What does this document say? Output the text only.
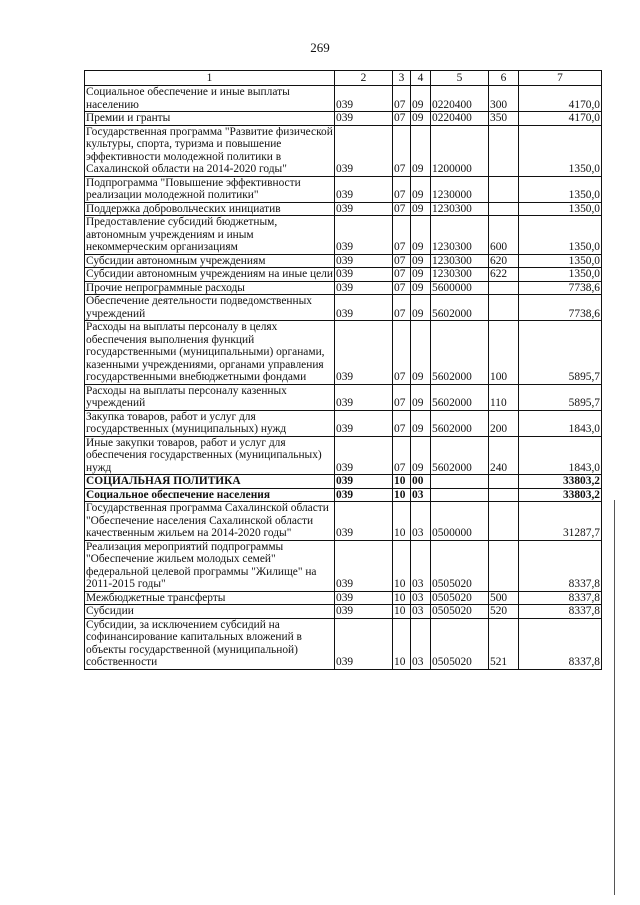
269
1	2	3	4	5	6	7
Социальное обеспечение и иные выплаты населению	039	07	09	0220400	300	4170,0
Премии и гранты	039	07	09	0220400	350	4170,0
Государственная программа "Развитие физической культуры, спорта, туризма и повышение эффективности молодежной политики в Сахалинской области на 2014-2020 годы"	039	07	09	1200000		1350,0
Подпрограмма "Повышение эффективности реализации молодежной политики"	039	07	09	1230000		1350,0
Поддержка добровольческих инициатив	039	07	09	1230300		1350,0
Предоставление субсидий бюджетным, автономным учреждениям и иным некоммерческим организациям	039	07	09	1230300	600	1350,0
Субсидии автономным учреждениям	039	07	09	1230300	620	1350,0
Субсидии автономным учреждениям на иные цели	039	07	09	1230300	622	1350,0
Прочие непрограммные расходы	039	07	09	5600000		7738,6
Обеспечение деятельности подведомственных учреждений	039	07	09	5602000		7738,6
Расходы на выплаты персоналу в целях обеспечения выполнения функций государственными (муниципальными) органами, казенными учреждениями, органами управления государственными внебюджетными фондами	039	07	09	5602000	100	5895,7
Расходы на выплаты персоналу казенных учреждений	039	07	09	5602000	110	5895,7
Закупка товаров, работ и услуг для государственных (муниципальных) нужд	039	07	09	5602000	200	1843,0
Иные закупки товаров, работ и услуг для обеспечения государственных (муниципальных) нужд	039	07	09	5602000	240	1843,0
СОЦИАЛЬНАЯ ПОЛИТИКА	039	10	00			33803,2
Социальное обеспечение населения	039	10	03			33803,2
Государственная программа Сахалинской области "Обеспечение населения Сахалинской области качественным жильем на 2014-2020 годы"	039	10	03	0500000		31287,7
Реализация мероприятий подпрограммы "Обеспечение жильем молодых семей" федеральной целевой программы "Жилище" на 2011-2015 годы"	039	10	03	0505020		8337,8
Межбюджетные трансферты	039	10	03	0505020	500	8337,8
Субсидии	039	10	03	0505020	520	8337,8
Субсидии, за исключением субсидий на софинансирование капитальных вложений в объекты государственной (муниципальной) собственности	039	10	03	0505020	521	8337,8
